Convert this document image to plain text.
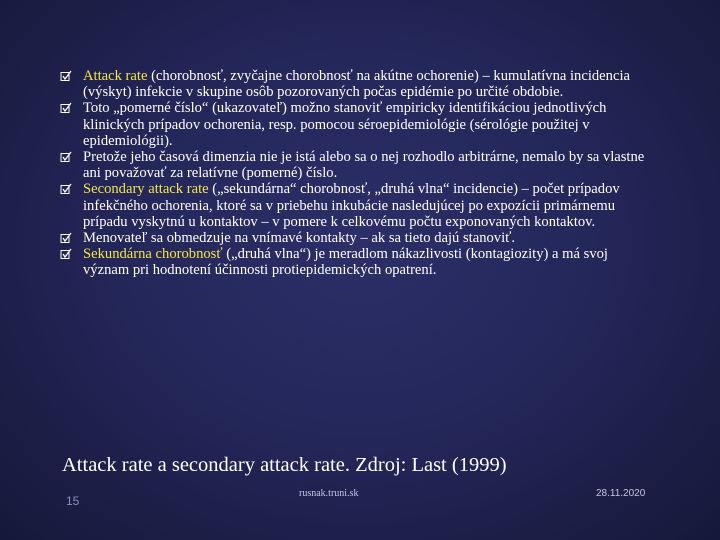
Attack rate (chorobnosť, zvyčajne chorobnosť na akútne ochorenie) – kumulatívna incidencia (výskyt) infekcie v skupine osôb pozorovaných počas epidémie po určité obdobie.
Toto „pomerné číslo“ (ukazovateľ) možno stanoviť empiricky identifikáciou jednotlivých klinických prípadov ochorenia, resp. pomocou séroepidemiológie (sérológie použitej v epidemiológii).
Pretože jeho časová dimenzia nie je istá alebo sa o nej rozhodlo arbitrárne, nemalo by sa vlastne ani považovať za relatívne (pomerné) číslo.
Secondary attack rate („sekundárna“ chorobnosť, „druhá vlna“ incidencie) – počet prípadov infekčného ochorenia, ktoré sa v priebehu inkubácie nasledujúcej po expozícii primárnemu prípadu vyskytnú u kontaktov – v pomere k celkovému počtu exponovaných kontaktov.
Menovateľ sa obmedzuje na vnímavé kontakty – ak sa tieto dajú stanoviť.
Sekundárna chorobnosť („druhá vlna“) je meradlom nákazlivosti (kontagiozity) a má svoj význam pri hodnotení účinnosti protiepidemických opatrení.
Attack rate a secondary attack rate. Zdroj: Last (1999)
15
rusnak.truni.sk	28.11.2020
